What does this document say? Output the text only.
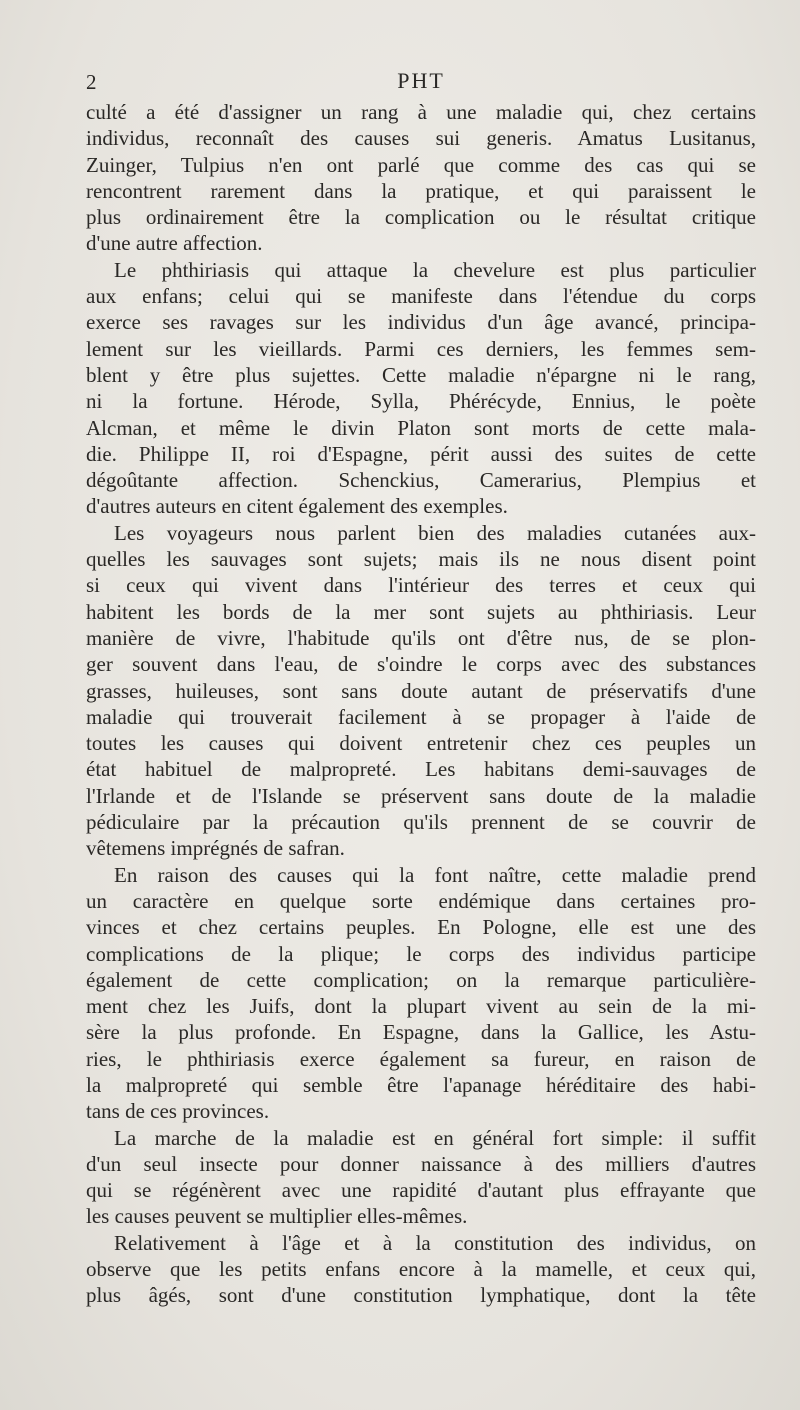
2	PHT
culté a été d'assigner un rang à une maladie qui, chez certains
individus, reconnaît des causes sui generis. Amatus Lusitanus,
Zuinger, Tulpius n'en ont parlé que comme des cas qui se
rencontrent rarement dans la pratique, et qui paraissent le
plus ordinairement être la complication ou le résultat critique
d'une autre affection.
Le phthiriasis qui attaque la chevelure est plus particulier
aux enfans; celui qui se manifeste dans l'étendue du corps
exerce ses ravages sur les individus d'un âge avancé, principa-
lement sur les vieillards. Parmi ces derniers, les femmes sem-
blent y être plus sujettes. Cette maladie n'épargne ni le rang,
ni la fortune. Hérode, Sylla, Phérécyde, Ennius, le poète
Alcman, et même le divin Platon sont morts de cette mala-
die. Philippe II, roi d'Espagne, périt aussi des suites de cette
dégoûtante affection. Schenckius, Camerarius, Plempius et
d'autres auteurs en citent également des exemples.
Les voyageurs nous parlent bien des maladies cutanées aux-
quelles les sauvages sont sujets; mais ils ne nous disent point
si ceux qui vivent dans l'intérieur des terres et ceux qui
habitent les bords de la mer sont sujets au phthiriasis. Leur
manière de vivre, l'habitude qu'ils ont d'être nus, de se plon-
ger souvent dans l'eau, de s'oindre le corps avec des substances
grasses, huileuses, sont sans doute autant de préservatifs d'une
maladie qui trouverait facilement à se propager à l'aide de
toutes les causes qui doivent entretenir chez ces peuples un
état habituel de malpropreté. Les habitans demi-sauvages de
l'Irlande et de l'Islande se préservent sans doute de la maladie
pédiculaire par la précaution qu'ils prennent de se couvrir de
vêtemens imprégnés de safran.
En raison des causes qui la font naître, cette maladie prend
un caractère en quelque sorte endémique dans certaines pro-
vinces et chez certains peuples. En Pologne, elle est une des
complications de la plique; le corps des individus participe
également de cette complication; on la remarque particulière-
ment chez les Juifs, dont la plupart vivent au sein de la mi-
sère la plus profonde. En Espagne, dans la Gallice, les Astu-
ries, le phthiriasis exerce également sa fureur, en raison de
la malpropreté qui semble être l'apanage héréditaire des habi-
tans de ces provinces.
La marche de la maladie est en général fort simple: il suffit
d'un seul insecte pour donner naissance à des milliers d'autres
qui se régénèrent avec une rapidité d'autant plus effrayante que
les causes peuvent se multiplier elles-mêmes.
Relativement à l'âge et à la constitution des individus, on
observe que les petits enfans encore à la mamelle, et ceux qui,
plus âgés, sont d'une constitution lymphatique, dont la tête
